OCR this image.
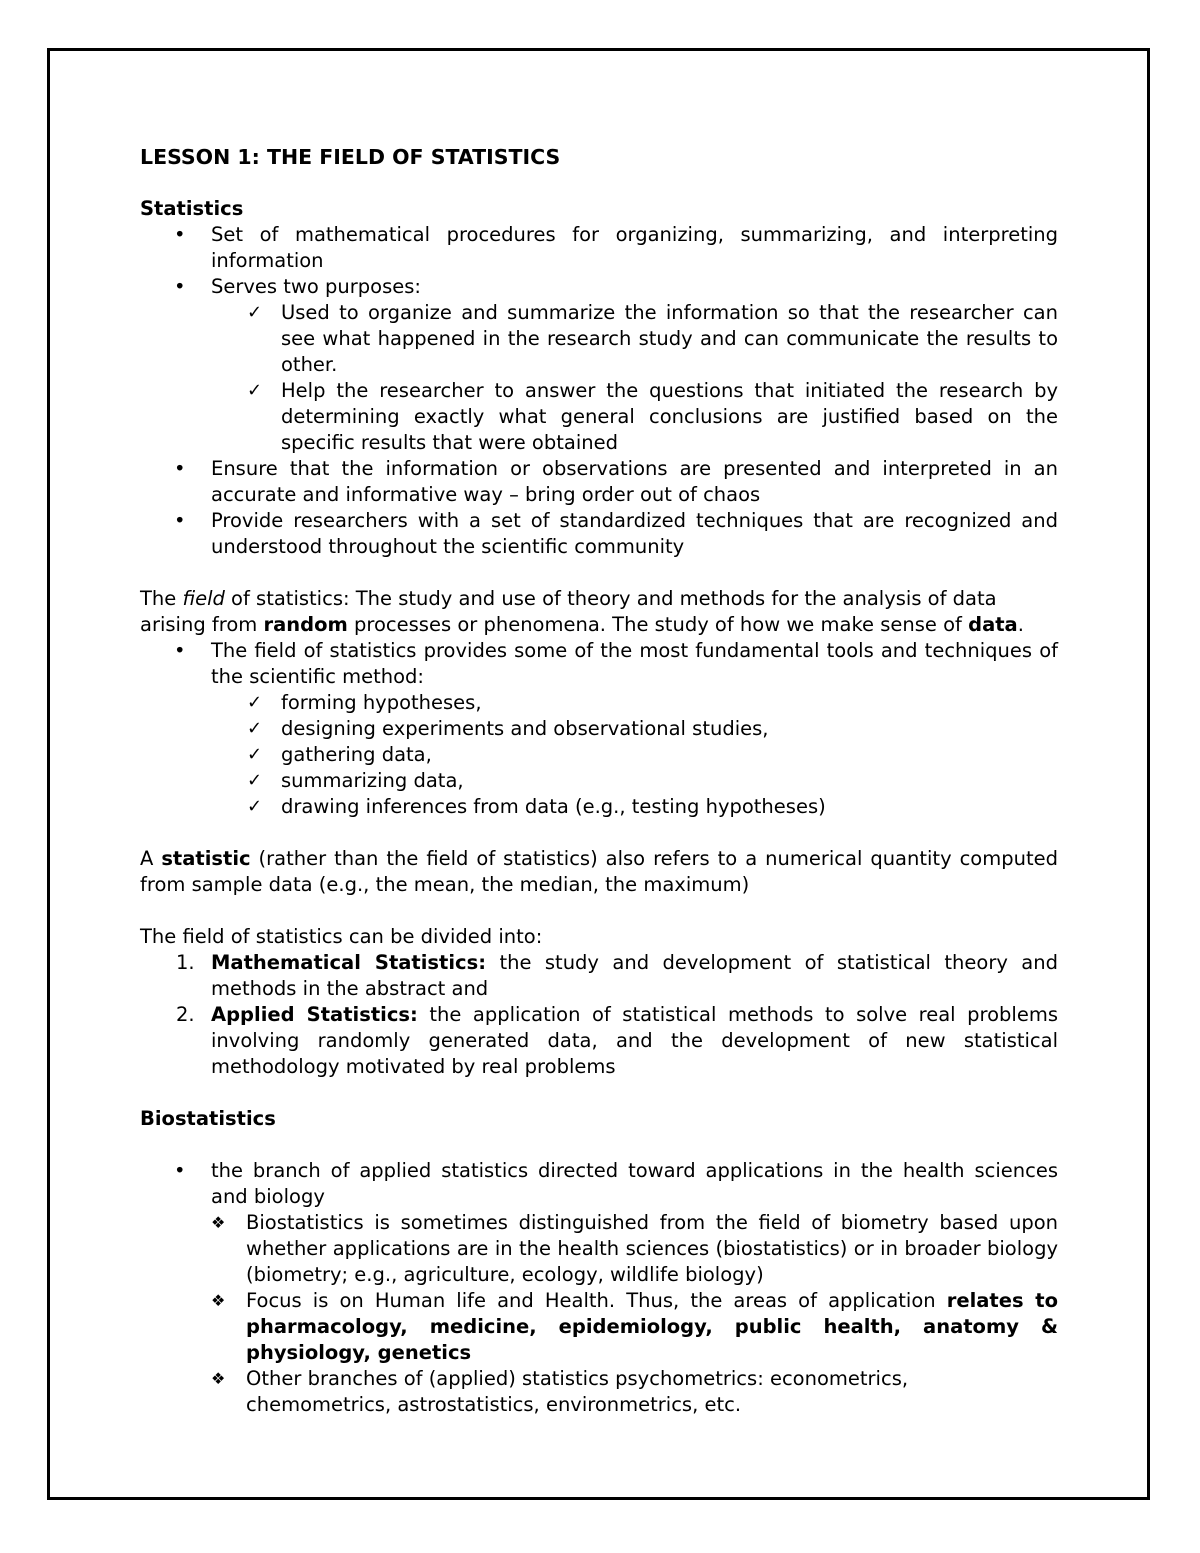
LESSON 1: THE FIELD OF STATISTICS

Statistics

• Set of mathematical procedures for organizing, summarizing, and interpreting information
• Serves two purposes:
✓ Used to organize and summarize the information so that the researcher can see what happened in the research study and can communicate the results to other.
✓ Help the researcher to answer the questions that initiated the research by determining exactly what general conclusions are justified based on the specific results that were obtained
• Ensure that the information or observations are presented and interpreted in an accurate and informative way – bring order out of chaos
• Provide researchers with a set of standardized techniques that are recognized and understood throughout the scientific community

The field of statistics: The study and use of theory and methods for the analysis of data arising from random processes or phenomena. The study of how we make sense of data.

• The field of statistics provides some of the most fundamental tools and techniques of the scientific method:
✓ forming hypotheses,
✓ designing experiments and observational studies,
✓ gathering data,
✓ summarizing data,
✓ drawing inferences from data (e.g., testing hypotheses)

A statistic (rather than the field of statistics) also refers to a numerical quantity computed from sample data (e.g., the mean, the median, the maximum)

The field of statistics can be divided into:

1. Mathematical Statistics: the study and development of statistical theory and methods in the abstract and
2. Applied Statistics: the application of statistical methods to solve real problems involving randomly generated data, and the development of new statistical methodology motivated by real problems

Biostatistics

• the branch of applied statistics directed toward applications in the health sciences and biology
❖ Biostatistics is sometimes distinguished from the field of biometry based upon whether applications are in the health sciences (biostatistics) or in broader biology (biometry; e.g., agriculture, ecology, wildlife biology)
❖ Focus is on Human life and Health. Thus, the areas of application relates to pharmacology, medicine, epidemiology, public health, anatomy & physiology, genetics
❖ Other branches of (applied) statistics psychometrics: econometrics, chemometrics, astrostatistics, environmetrics, etc.
